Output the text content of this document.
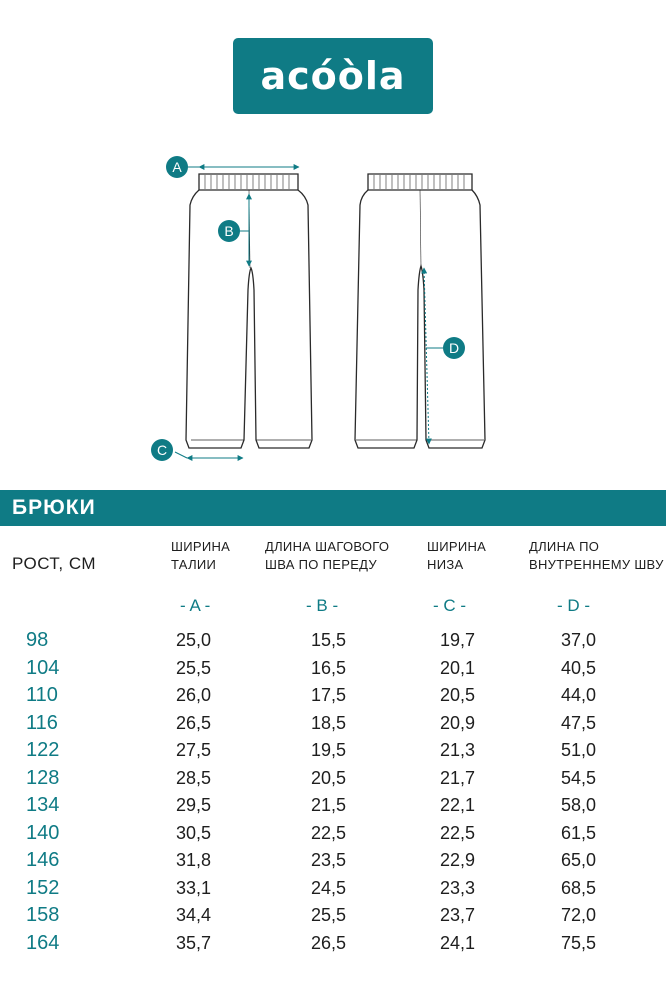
acóòla
A
B
C
D
БРЮКИ
РОСТ, СМ
ШИРИНА
ТАЛИИ
ДЛИНА ШАГОВОГО
ШВА ПО ПЕРЕДУ
ШИРИНА
НИЗА
ДЛИНА ПО
ВНУТРЕННЕМУ ШВУ
- A -	- B -	- C -	- D -
98	25,0	15,5	19,7	37,0
104	25,5	16,5	20,1	40,5
110	26,0	17,5	20,5	44,0
116	26,5	18,5	20,9	47,5
122	27,5	19,5	21,3	51,0
128	28,5	20,5	21,7	54,5
134	29,5	21,5	22,1	58,0
140	30,5	22,5	22,5	61,5
146	31,8	23,5	22,9	65,0
152	33,1	24,5	23,3	68,5
158	34,4	25,5	23,7	72,0
164	35,7	26,5	24,1	75,5
